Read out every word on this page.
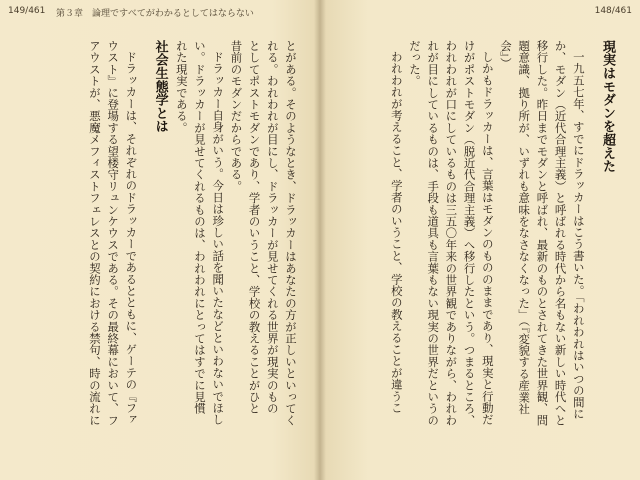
149/461 第３章　論理ですべてがわかるとしてはならない	148/461
現実はモダンを超えた

一九五七年、すでにドラッカーはこう書いた。「われわれはいつの間に

か、モダン（近代合理主義）と呼ばれる時代から名もない新しい時代へと

移行した。昨日までモダンと呼ばれ、最新のものとされてきた世界観、問

題意識、拠り所が、いずれも意味をなさなくなった」（『変貌する産業社

会』）

しかもドラッカーは、言葉はモダンのもののままであり、現実と行動だ

けがポストモダン（脱近代合理主義）へ移行したという。つまるところ、

われわれが口にしているものは三五〇年来の世界観でありながら、われわ

れが目にしているものは、手段も道具も言葉もない現実の世界だというの

だった。

われわれが考えること、学者のいうこと、学校の教えることが違うこ

とがある。そのようなとき、ドラッカーはあなたの方が正しいといってく

れる。われわれが目にし、ドラッカーが見せてくれる世界が現実のもの

としてポストモダンであり、学者のいうこと、学校の教えることがひと

昔前のモダンだからである。

ドラッカー自身がいう。今日は珍しい話を聞いたなどといわないでほし

い。ドラッカーが見せてくれるものは、われわれにとってはすでに見慣

れた現実である。

社会生態学とは

ドラッカーは、それぞれのドラッカーであるとともに、ゲーテの『ファ

ウスト』に登場する望楼守リュンケウスである。その最終幕において、フ

アウストが、悪魔メフィストフェレスとの契約における禁句、時の流れに
